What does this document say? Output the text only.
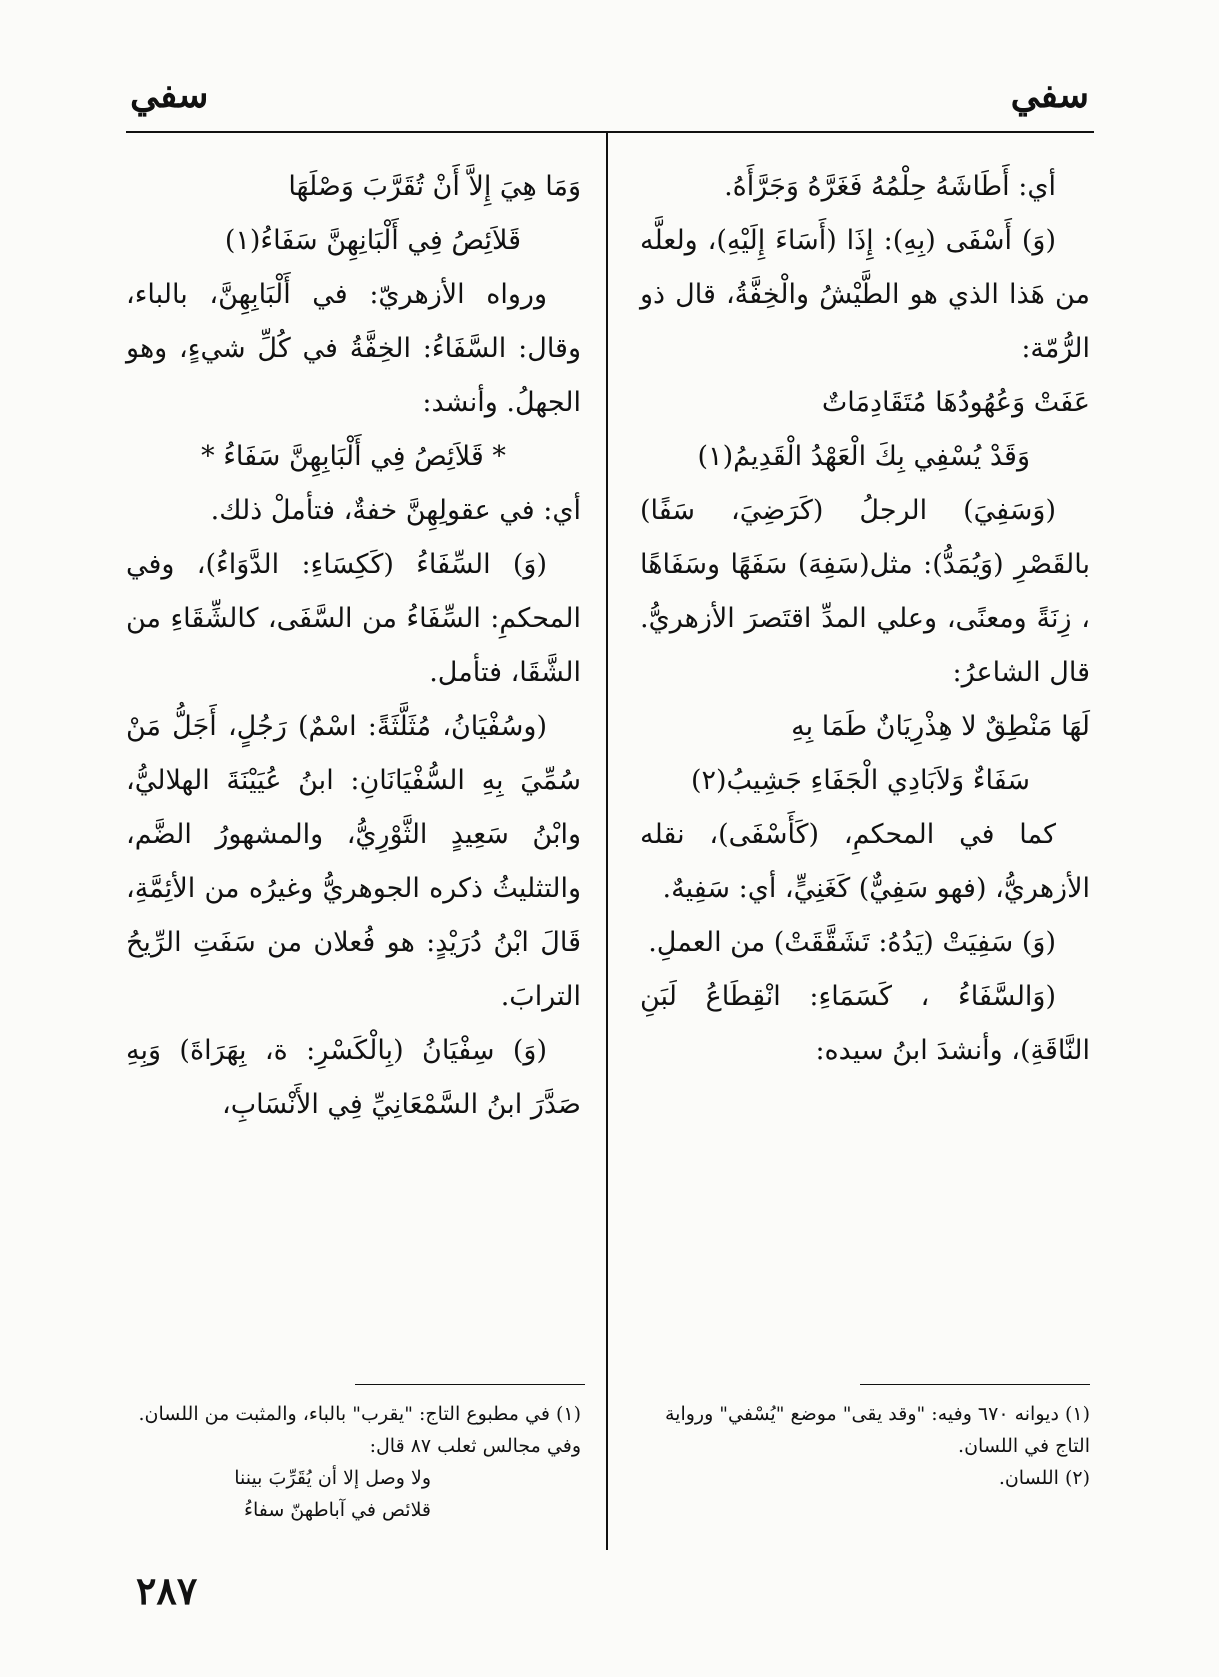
سفي
سفي

أي: أَطَاشَهُ حِلْمُهُ فَغَرَّهُ وَجَرَّأَهُ.

(وَ) أَسْفَى (بِهِ): إِذَا (أَسَاءَ إِلَيْهِ)، ولعلَّه من هَذا الذي هو الطَّيْشُ والْخِفَّةُ، قال ذو الرُّمّة:

عَفَتْ وَعُهُودُهَا مُتَقَادِمَاتٌ

وَقَدْ يُسْفِي بِكَ الْعَهْدُ الْقَدِيمُ(١)

(وَسَفِيَ) الرجلُ (كَرَضِيَ، سَفًا) بالقَصْرِ (وَيُمَدُّ): مثل(سَفِهَ) سَفَهًا وسَفَاهًا ، زِنَةً ومعنًى، وعلي المدِّ اقتَصرَ الأزهريُّ. قال الشاعرُ:

لَهَا مَنْطِقٌ لا هِذْرِيَانٌ طَمَا بِهِ

سَفَاءٌ وَلاَبَادِي الْجَفَاءِ جَشِيبُ(٢)

كما في المحكمِ، (كَأَسْفَى)، نقله الأزهريُّ، (فهو سَفِيٌّ) كَغَنِيٍّ، أي: سَفِيهٌ.

(وَ) سَفِيَتْ (يَدُهُ: تَشَقَّقَتْ) من العملِ.

(وَالسَّفَاءُ ، كَسَمَاءِ: انْقِطَاعُ لَبَنِ النَّاقَةِ)، وأنشدَ ابنُ سيده:

وَمَا هِيَ إِلاَّ أَنْ تُقَرَّبَ وَصْلَهَا

قَلاَئِصُ فِي أَلْبَانِهِنَّ سَفَاءُ(١)

ورواه الأزهريّ: في أَلْبَابِهِنَّ، بالباء، وقال: السَّفَاءُ: الخِفَّةُ في كُلِّ شيءٍ، وهو الجهلُ. وأنشد:

* قَلاَئِصُ فِي أَلْبَابِهِنَّ سَفَاءُ *

أي: في عقولِهِنَّ خفةٌ، فتأملْ ذلك.

(وَ) السِّفَاءُ (كَكِسَاءِ: الدَّوَاءُ)، وفي المحكمِ: السِّفَاءُ من السَّفَى، كالشِّقَاءِ من الشَّقَا، فتأمل.

(وسُفْيَانُ، مُثَلَّثَةً: اسْمٌ) رَجُلٍ، أَجَلُّ مَنْ سُمِّيَ بِهِ السُّفْيَانَانِ: ابنُ عُيَيْنَةَ الهلاليُّ، وابْنُ سَعِيدٍ الثَّوْرِيُّ، والمشهورُ الضَّم، والتثليثُ ذكره الجوهريُّ وغيرُه من الأئِمَّةِ، قَالَ ابْنُ دُرَيْدٍ: هو فُعلان من سَفَتِ الرِّيحُ الترابَ.

(وَ) سِفْيَانُ (بِالْكَسْرِ: ة، بِهَرَاةَ) وَبِهِ صَدَّرَ ابنُ السَّمْعَانِيِّ فِي الأَنْسَابِ،

(١) ديوانه ٦٧٠ وفيه: "وقد يقى" موضع "يُسْفي" ورواية التاج في اللسان.

(٢) اللسان.

(١) في مطبوع التاج: "يقرب" بالباء، والمثبت من اللسان. وفي مجالس ثعلب ٨٧ قال:

ولا وصل إلا أن يُقَرِّبَ بيننا

قلائص في آباطهنّ سفاءُ

٢٨٧
